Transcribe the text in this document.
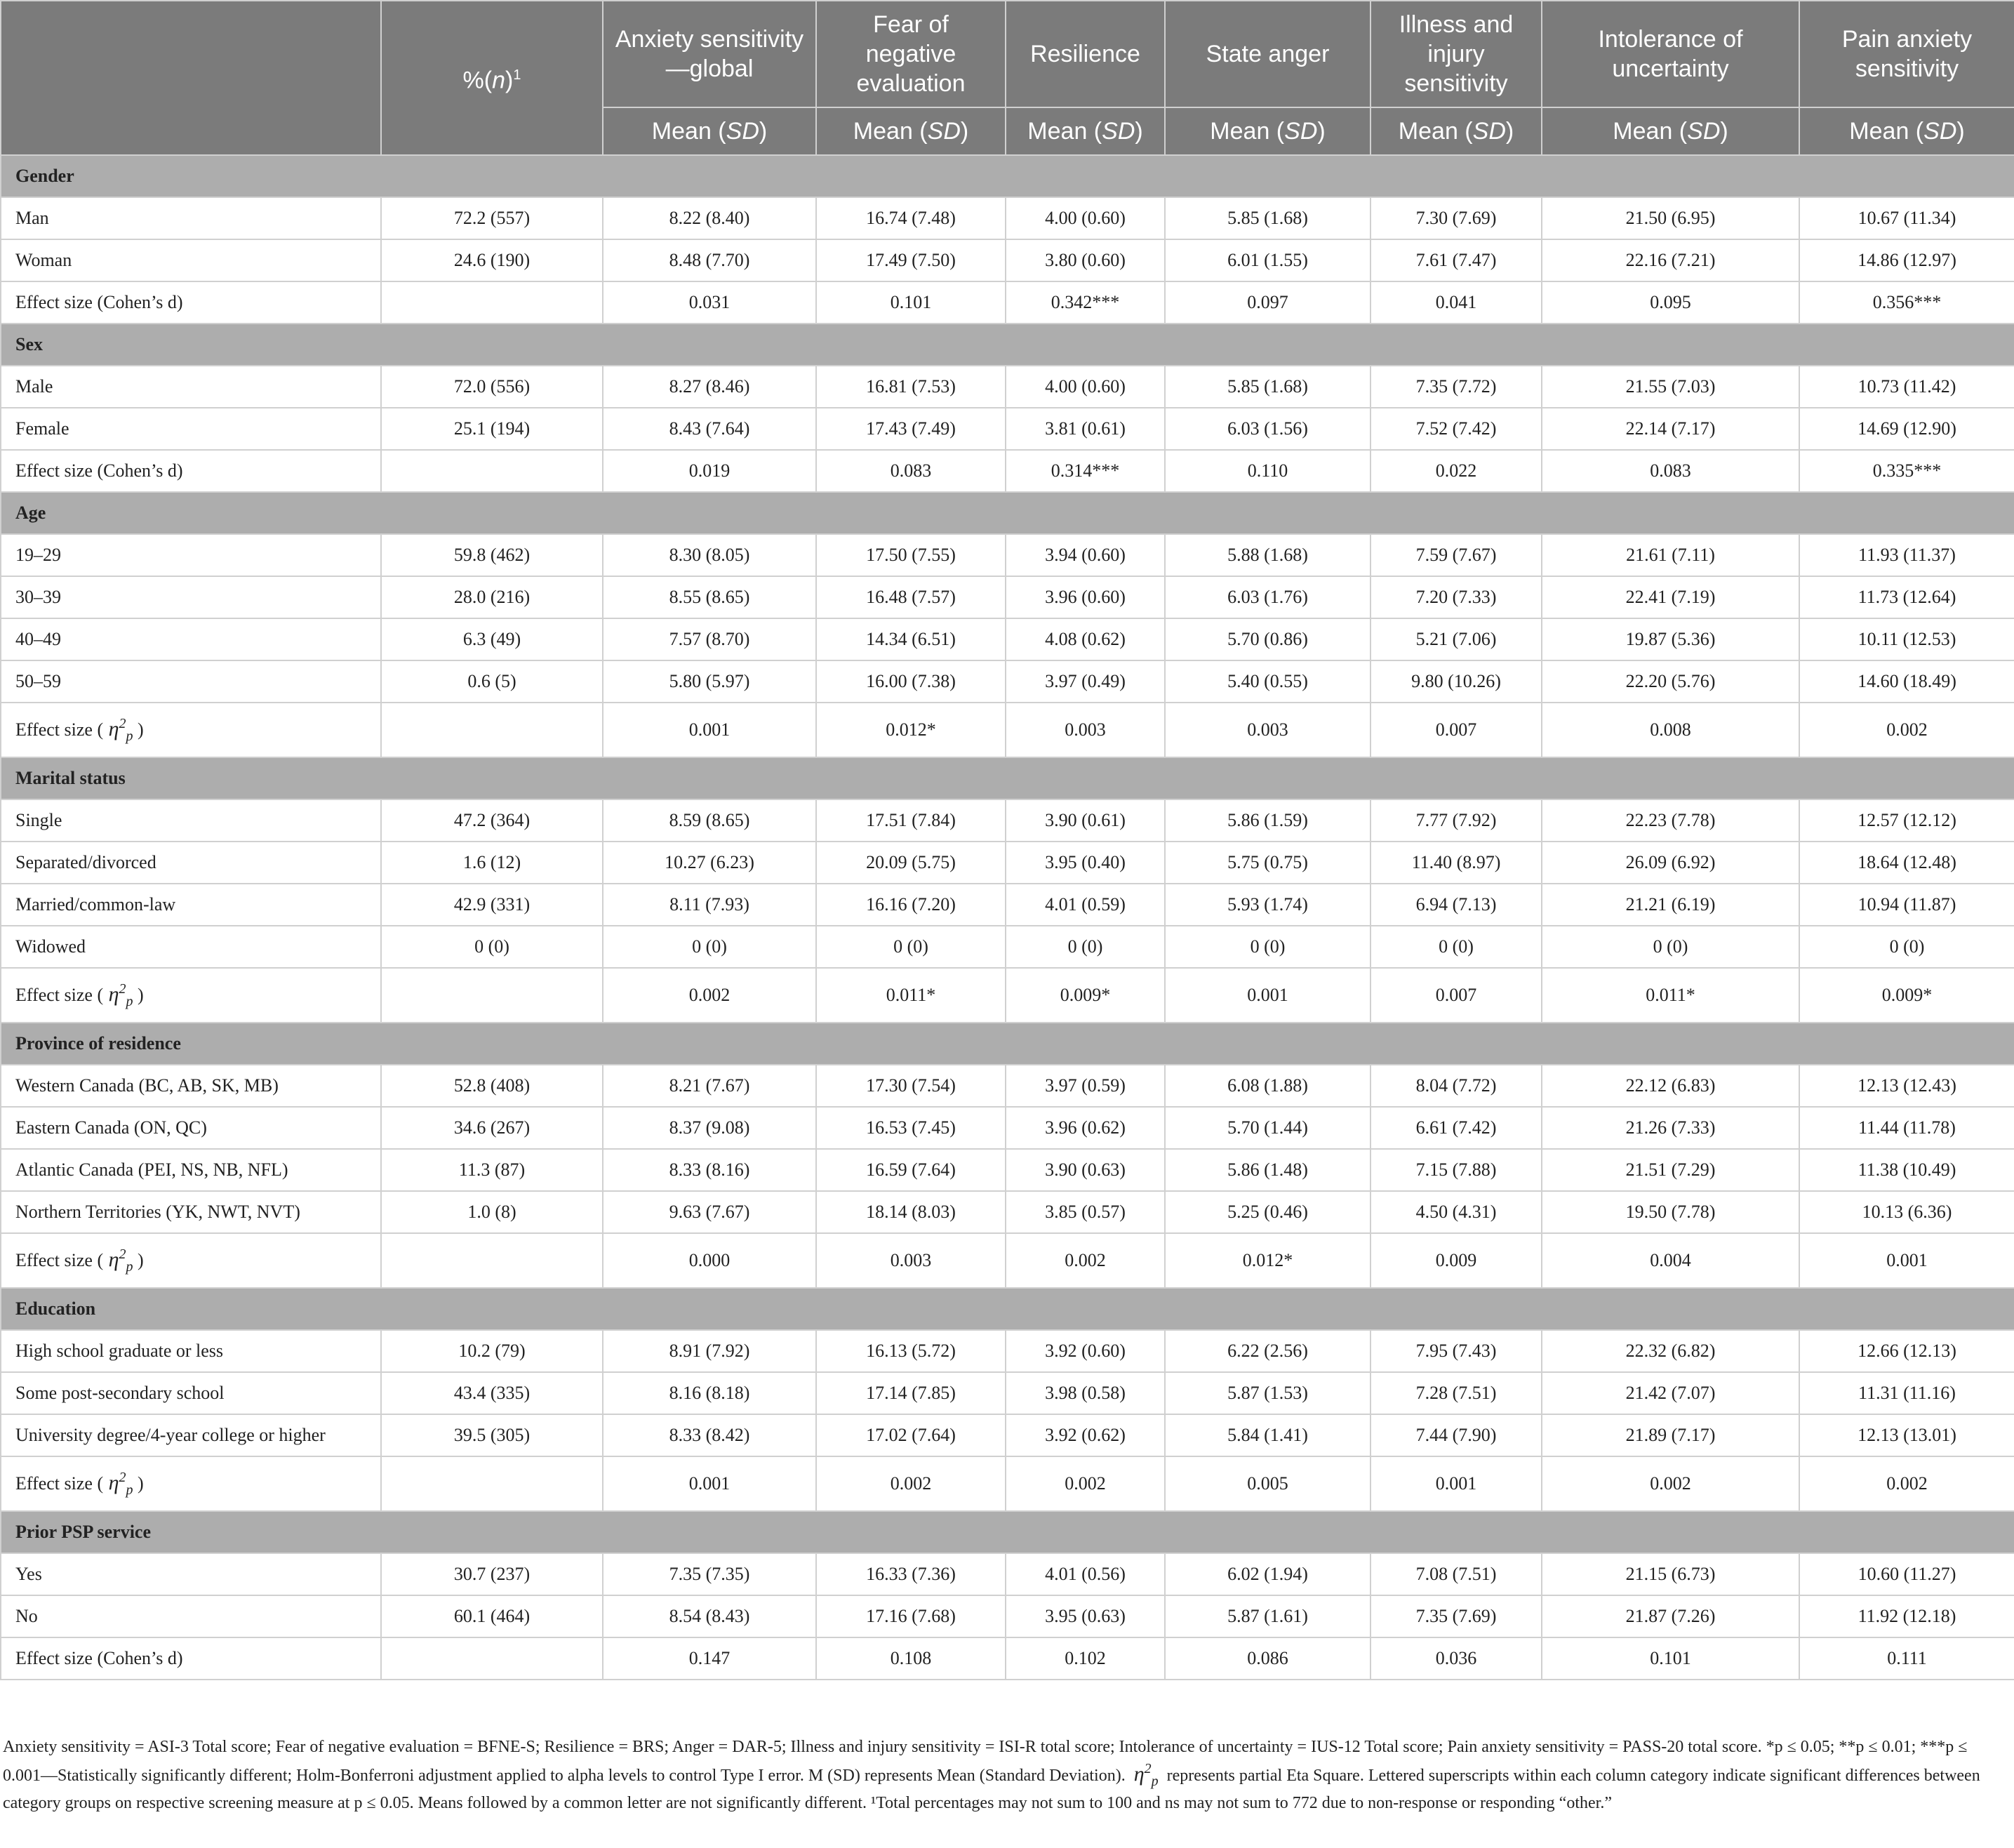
	$\%(n)^1$	Anxiety sensitivity—global	Fear of negative evaluation	Resilience	State anger	Illness and injury sensitivity	Intolerance of uncertainty	Pain anxiety sensitivity
		Mean (SD)	Mean (SD)	Mean (SD)	Mean (SD)	Mean (SD)	Mean (SD)	Mean (SD)
Gender								
Man	72.2 (557)	8.22 (8.40)	16.74 (7.48)	4.00 (0.60)	5.85 (1.68)	7.30 (7.69)	21.50 (6.95)	10.67 (11.34)
Woman	24.6 (190)	8.48 (7.70)	17.49 (7.50)	3.80 (0.60)	6.01 (1.55)	7.61 (7.47)	22.16 (7.21)	14.86 (12.97)
Effect size (Cohen’s d)		0.031	0.101	0.342***	0.097	0.041	0.095	0.356***
Sex								
Male	72.0 (556)	8.27 (8.46)	16.81 (7.53)	4.00 (0.60)	5.85 (1.68)	7.35 (7.72)	21.55 (7.03)	10.73 (11.42)
Female	25.1 (194)	8.43 (7.64)	17.43 (7.49)	3.81 (0.61)	6.03 (1.56)	7.52 (7.42)	22.14 (7.17)	14.69 (12.90)
Effect size (Cohen’s d)		0.019	0.083	0.314***	0.110	0.022	0.083	0.335***
Age								
19–29	59.8 (462)	8.30 (8.05)	17.50 (7.55)	3.94 (0.60)	5.88 (1.68)	7.59 (7.67)	21.61 (7.11)	11.93 (11.37)
30–39	28.0 (216)	8.55 (8.65)	16.48 (7.57)	3.96 (0.60)	6.03 (1.76)	7.20 (7.33)	22.41 (7.19)	11.73 (12.64)
40–49	6.3 (49)	7.57 (8.70)	14.34 (6.51)	4.08 (0.62)	5.70 (0.86)	5.21 (7.06)	19.87 (5.36)	10.11 (12.53)
50–59	0.6 (5)	5.80 (5.97)	16.00 (7.38)	3.97 (0.49)	5.40 (0.55)	9.80 (10.26)	22.20 (5.76)	14.60 (18.49)
Effect size ( $\eta^2_p$ )		0.001	0.012*	0.003	0.003	0.007	0.008	0.002
Marital status								
Single	47.2 (364)	8.59 (8.65)	17.51 (7.84)	3.90 (0.61)	5.86 (1.59)	7.77 (7.92)	22.23 (7.78)	12.57 (12.12)
Separated/divorced	1.6 (12)	10.27 (6.23)	20.09 (5.75)	3.95 (0.40)	5.75 (0.75)	11.40 (8.97)	26.09 (6.92)	18.64 (12.48)
Married/common-law	42.9 (331)	8.11 (7.93)	16.16 (7.20)	4.01 (0.59)	5.93 (1.74)	6.94 (7.13)	21.21 (6.19)	10.94 (11.87)
Widowed	0 (0)	0 (0)	0 (0)	0 (0)	0 (0)	0 (0)	0 (0)	0 (0)
Effect size ( $\eta^2_p$ )		0.002	0.011*	0.009*	0.001	0.007	0.011*	0.009*
Province of residence								
Western Canada (BC, AB, SK, MB)	52.8 (408)	8.21 (7.67)	17.30 (7.54)	3.97 (0.59)	6.08 (1.88)	8.04 (7.72)	22.12 (6.83)	12.13 (12.43)
Eastern Canada (ON, QC)	34.6 (267)	8.37 (9.08)	16.53 (7.45)	3.96 (0.62)	5.70 (1.44)	6.61 (7.42)	21.26 (7.33)	11.44 (11.78)
Atlantic Canada (PEI, NS, NB, NFL)	11.3 (87)	8.33 (8.16)	16.59 (7.64)	3.90 (0.63)	5.86 (1.48)	7.15 (7.88)	21.51 (7.29)	11.38 (10.49)
Northern Territories (YK, NWT, NVT)	1.0 (8)	9.63 (7.67)	18.14 (8.03)	3.85 (0.57)	5.25 (0.46)	4.50 (4.31)	19.50 (7.78)	10.13 (6.36)
Effect size ( $\eta^2_p$ )		0.000	0.003	0.002	0.012*	0.009	0.004	0.001
Education								
High school graduate or less	10.2 (79)	8.91 (7.92)	16.13 (5.72)	3.92 (0.60)	6.22 (2.56)	7.95 (7.43)	22.32 (6.82)	12.66 (12.13)
Some post-secondary school	43.4 (335)	8.16 (8.18)	17.14 (7.85)	3.98 (0.58)	5.87 (1.53)	7.28 (7.51)	21.42 (7.07)	11.31 (11.16)
University degree/4-year college or higher	39.5 (305)	8.33 (8.42)	17.02 (7.64)	3.92 (0.62)	5.84 (1.41)	7.44 (7.90)	21.89 (7.17)	12.13 (13.01)
Effect size ( $\eta^2_p$ )		0.001	0.002	0.002	0.005	0.001	0.002	0.002
Prior PSP service								
Yes	30.7 (237)	7.35 (7.35)	16.33 (7.36)	4.01 (0.56)	6.02 (1.94)	7.08 (7.51)	21.15 (6.73)	10.60 (11.27)
No	60.1 (464)	8.54 (8.43)	17.16 (7.68)	3.95 (0.63)	5.87 (1.61)	7.35 (7.69)	21.87 (7.26)	11.92 (12.18)
Effect size (Cohen’s d)		0.147	0.108	0.102	0.086	0.036	0.101	0.111
Anxiety sensitivity = ASI-3 Total score; Fear of negative evaluation = BFNE-S; Resilience = BRS; Anger = DAR-5; Illness and injury sensitivity = ISI-R total score; Intolerance of uncertainty = IUS-12 Total score; Pain anxiety sensitivity = PASS-20 total score. *p ≤ 0.05; **p ≤ 0.01; ***p ≤ 0.001—Statistically significantly different; Holm-Bonferroni adjustment applied to alpha levels to control Type I error. M (SD) represents Mean (Standard Deviation). $\eta^2_p$ represents partial Eta Square. Lettered superscripts within each column category indicate significant differences between category groups on respective screening measure at p ≤ 0.05. Means followed by a common letter are not significantly different. ¹Total percentages may not sum to 100 and ns may not sum to 772 due to non-response or responding “other.”
